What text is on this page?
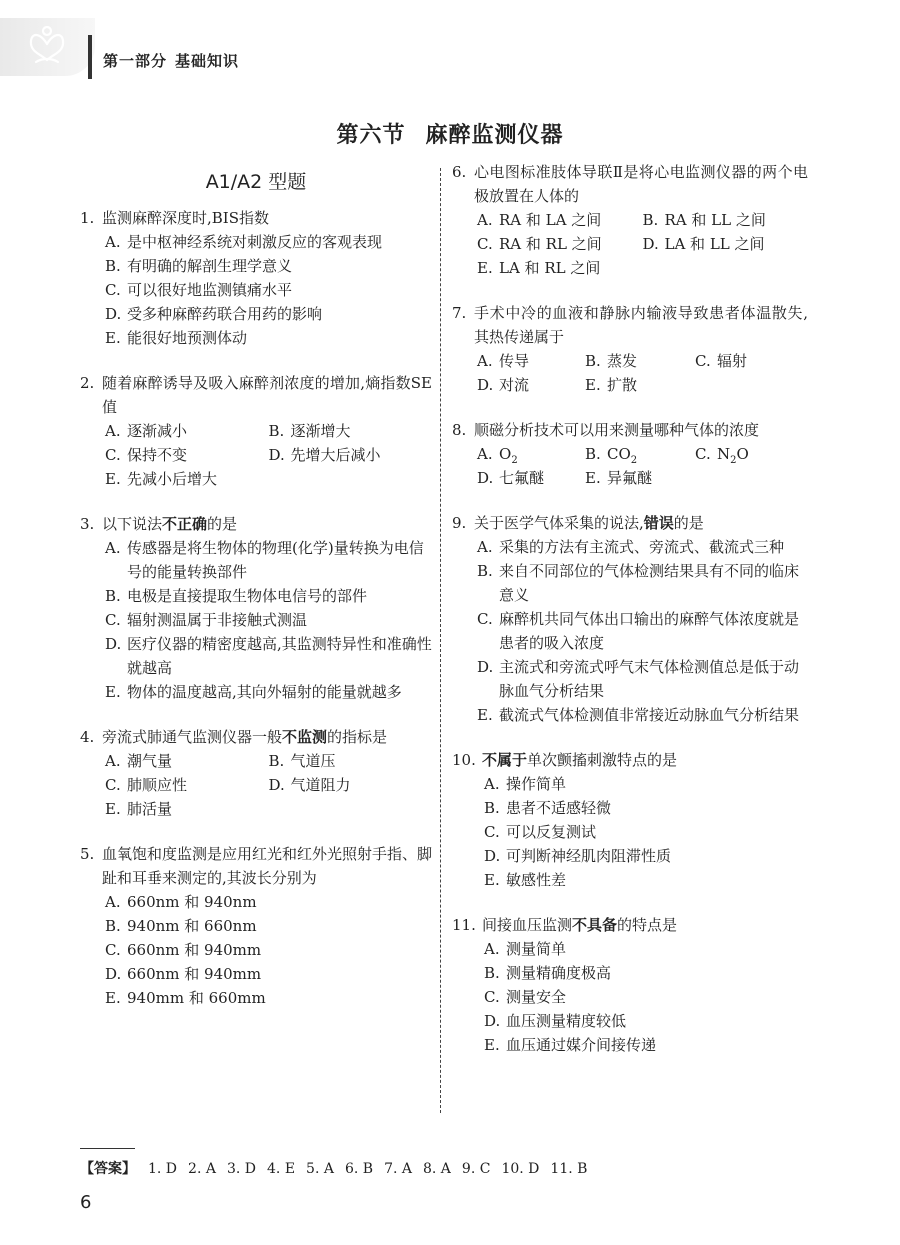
第一部分 基础知识
第六节 麻醉监测仪器
A1/A2 型题
1. 监测麻醉深度时,BIS指数
A. 是中枢神经系统对刺激反应的客观表现
B. 有明确的解剖生理学意义
C. 可以很好地监测镇痛水平
D. 受多种麻醉药联合用药的影响
E. 能很好地预测体动
2. 随着麻醉诱导及吸入麻醉剂浓度的增加,熵指数SE值
A. 逐渐减小	B. 逐渐增大
C. 保持不变	D. 先增大后减小
E. 先减小后增大
3. 以下说法不正确的是
A. 传感器是将生物体的物理(化学)量转换为电信号的能量转换部件
B. 电极是直接提取生物体电信号的部件
C. 辐射测温属于非接触式测温
D. 医疗仪器的精密度越高,其监测特异性和准确性就越高
E. 物体的温度越高,其向外辐射的能量就越多
4. 旁流式肺通气监测仪器一般不监测的指标是
A. 潮气量	B. 气道压
C. 肺顺应性	D. 气道阻力
E. 肺活量
5. 血氧饱和度监测是应用红光和红外光照射手指、脚趾和耳垂来测定的,其波长分别为
A. 660nm 和 940nm
B. 940nm 和 660nm
C. 660nm 和 940mm
D. 660nm 和 940mm
E. 940mm 和 660mm
6. 心电图标准肢体导联Ⅱ是将心电监测仪器的两个电极放置在人体的
A. RA 和 LA 之间	B. RA 和 LL 之间
C. RA 和 RL 之间	D. LA 和 LL 之间
E. LA 和 RL 之间
7. 手术中冷的血液和静脉内输液导致患者体温散失,其热传递属于
A. 传导	B. 蒸发	C. 辐射
D. 对流	E. 扩散
8. 顺磁分析技术可以用来测量哪种气体的浓度
A. $O_2$	B. $CO_2$	C. $N_2O$
D. 七氟醚	E. 异氟醚
9. 关于医学气体采集的说法,错误的是
A. 采集的方法有主流式、旁流式、截流式三种
B. 来自不同部位的气体检测结果具有不同的临床意义
C. 麻醉机共同气体出口输出的麻醉气体浓度就是患者的吸入浓度
D. 主流式和旁流式呼气末气体检测值总是低于动脉血气分析结果
E. 截流式气体检测值非常接近动脉血气分析结果
10. 不属于单次颤搐刺激特点的是
A. 操作简单
B. 患者不适感轻微
C. 可以反复测试
D. 可判断神经肌肉阻滞性质
E. 敏感性差
11. 间接血压监测不具备的特点是
A. 测量简单
B. 测量精确度极高
C. 测量安全
D. 血压测量精度较低
E. 血压通过媒介间接传递
【答案】 1. D 2. A 3. D 4. E 5. A 6. B 7. A 8. A 9. C 10. D 11. B
6
